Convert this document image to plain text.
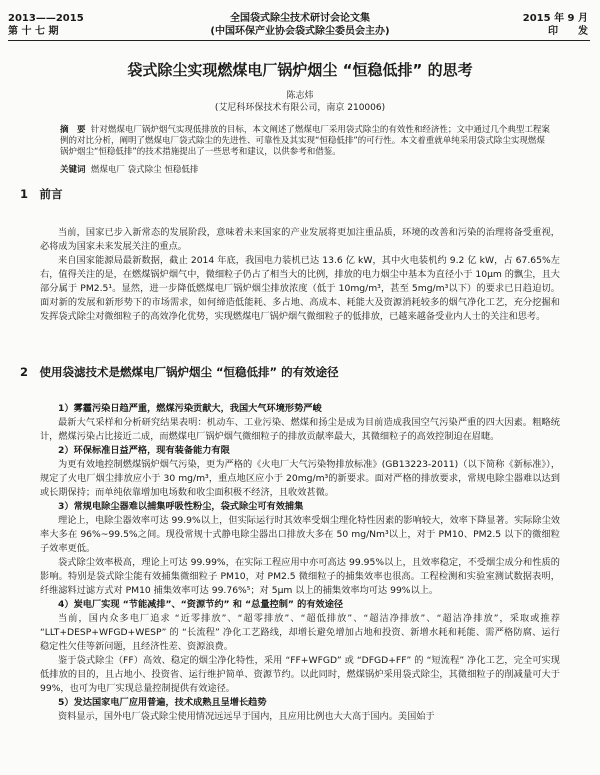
2013——2015
第 十 七 期
全国袋式除尘技术研讨会论文集
(中国环保产业协会袋式除尘委员会主办)
2015 年 9 月
印　　发
袋式除尘实现燃煤电厂锅炉烟尘 “恒稳低排” 的思考
陈志炜
(艾尼科环保技术有限公司，南京 210006)
摘　要 针对燃煤电厂锅炉烟气实现低排放的目标，本文阐述了燃煤电厂采用袋式除尘的有效性和经济性；文中通过几个典型工程案例的对比分析，阐明了燃煤电厂袋式除尘的先进性、可靠性及其实现“恒稳低排”的可行性。本文着重就单纯采用袋式除尘实现燃煤锅炉烟尘“恒稳低排”的技术措施提出了一些思考和建议，以供参考和借鉴。
关键词 燃煤电厂 袋式除尘 恒稳低排
1　前言

当前，国家已步入新常态的发展阶段，意味着未来国家的产业发展将更加注重品质，环境的改善和污染的治理将备受重视，必将成为国家未来发展关注的重点。

来自国家能源局最新数据，截止 2014 年底，我国电力装机已达 13.6 亿 kW，其中火电装机约 9.2 亿 kW，占 67.65%左右，值得关注的是，在燃煤锅炉烟气中，微细粒子仍占了相当大的比例，排放的电力烟尘中基本为直径小于 10μm 的飘尘，且大部分属于 PM2.5¹。显然，进一步降低燃煤电厂锅炉烟尘排放浓度（低于 10mg/m³，甚至 5mg/m³以下）的要求已日趋迫切。面对新的发展和新形势下的市场需求，如何缔造低能耗、多占地、高成本、耗能大及资源消耗较多的烟气净化工艺，充分挖掘和发挥袋式除尘对微细粒子的高效净化优势，实现燃煤电厂锅炉烟气微细粒子的低排放，已越来越备受业内人士的关注和思考。

2　使用袋滤技术是燃煤电厂锅炉烟尘 “恒稳低排” 的有效途径

1）雾霾污染日趋严重，燃煤污染贡献大，我国大气环境形势严峻

最新大气采样和分析研究结果表明：机动车、工业污染、燃煤和扬尘是成为目前造成我国空气污染严重的四大因素。粗略统计，燃煤污染占比接近二成，而燃煤电厂锅炉烟气微细粒子的排放贡献率最大，其微细粒子的高效控制迫在眉睫。

2）环保标准日益严格，现有装备能力有限

为更有效地控制燃煤锅炉烟气污染，更为严格的《火电厂大气污染物排放标准》(GB13223-2011)（以下简称《新标准》），规定了火电厂烟尘排放应小于 30 mg/m³，重点地区应小于 20mg/m³的新要求。面对严格的排放要求，常规电除尘器难以达到或长期保持；而单纯依靠增加电场数和收尘面积极不经济，且收效甚微。

3）常规电除尘器难以捕集呼吸性粉尘，袋式除尘可有效捕集

理论上，电除尘器效率可达 99.9%以上，但实际运行时其效率受烟尘理化特性因素的影响较大，效率下降显著。实际除尘效率大多在 96%~99.5%之间。现役常规十式静电除尘器出口排放大多在 50 mg/Nm³以上，对于 PM10、PM2.5 以下的微细粒子效率更低。

袋式除尘效率极高，理论上可达 99.99%，在实际工程应用中亦可高达 99.95%以上，且效率稳定，不受烟尘成分和性质的影响。特别是袋式除尘能有效捕集微细粒子 PM10，对 PM2.5 微细粒子的捕集效率也很高。工程检测和实验室测试数据表明，纤维滤料过滤方式对 PM10 捕集效率可达 99.76%⁵；对 5μm 以上的捕集效率均可达 99%以上。

4）炭电厂实现 “节能减排”、“资源节约” 和 “总量控制” 的有效途径

当前，国内众多电厂追求 “近零排放”、“超零排放”、“超低排放”、“超洁净排放”、“超洁净排放”，采取或推荐 “LLT+DESP+WFGD+WESP” 的 “长流程” 净化工艺路线，却增长避免增加占地和投资、新增水耗和耗能、需严格防腐、运行稳定性欠佳等新问题，且经济性差、资源浪费。

鉴于袋式除尘（FF）高效、稳定的烟尘净化特性，采用 “FF+WFGD” 或 “DFGD+FF” 的 “短流程” 净化工艺，完全可实现低排放的目的，且占地小、投资省、运行维护简单、资源节约。以此同时，燃煤锅炉采用袋式除尘，其微细粒子的削减量可大于 99%，也可为电厂实现总量控制提供有效途径。

5）发达国家电厂应用普遍，技术成熟且呈增长趋势

资料显示，国外电厂袋式除尘使用情况远远早于国内，且应用比例也大大高于国内。美国始于
